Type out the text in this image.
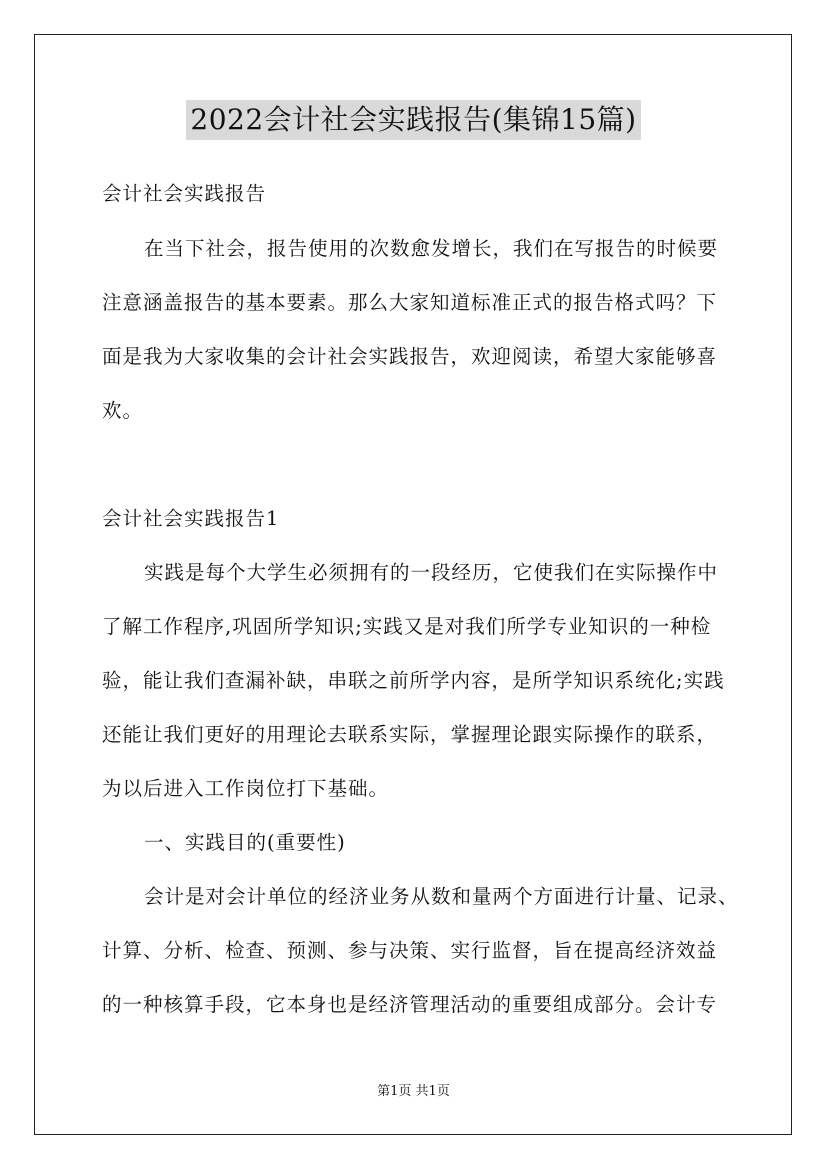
2022会计社会实践报告(集锦15篇)
会计社会实践报告
在当下社会，报告使用的次数愈发增长，我们在写报告的时候要
注意涵盖报告的基本要素。那么大家知道标准正式的报告格式吗？下
面是我为大家收集的会计社会实践报告，欢迎阅读，希望大家能够喜
欢。
会计社会实践报告1
实践是每个大学生必须拥有的一段经历，它使我们在实际操作中
了解工作程序,巩固所学知识;实践又是对我们所学专业知识的一种检
验，能让我们查漏补缺，串联之前所学内容，是所学知识系统化;实践
还能让我们更好的用理论去联系实际，掌握理论跟实际操作的联系，
为以后进入工作岗位打下基础。
一、实践目的(重要性)
会计是对会计单位的经济业务从数和量两个方面进行计量、记录、
计算、分析、检查、预测、参与决策、实行监督，旨在提高经济效益
的一种核算手段，它本身也是经济管理活动的重要组成部分。会计专
第1页 共1页
